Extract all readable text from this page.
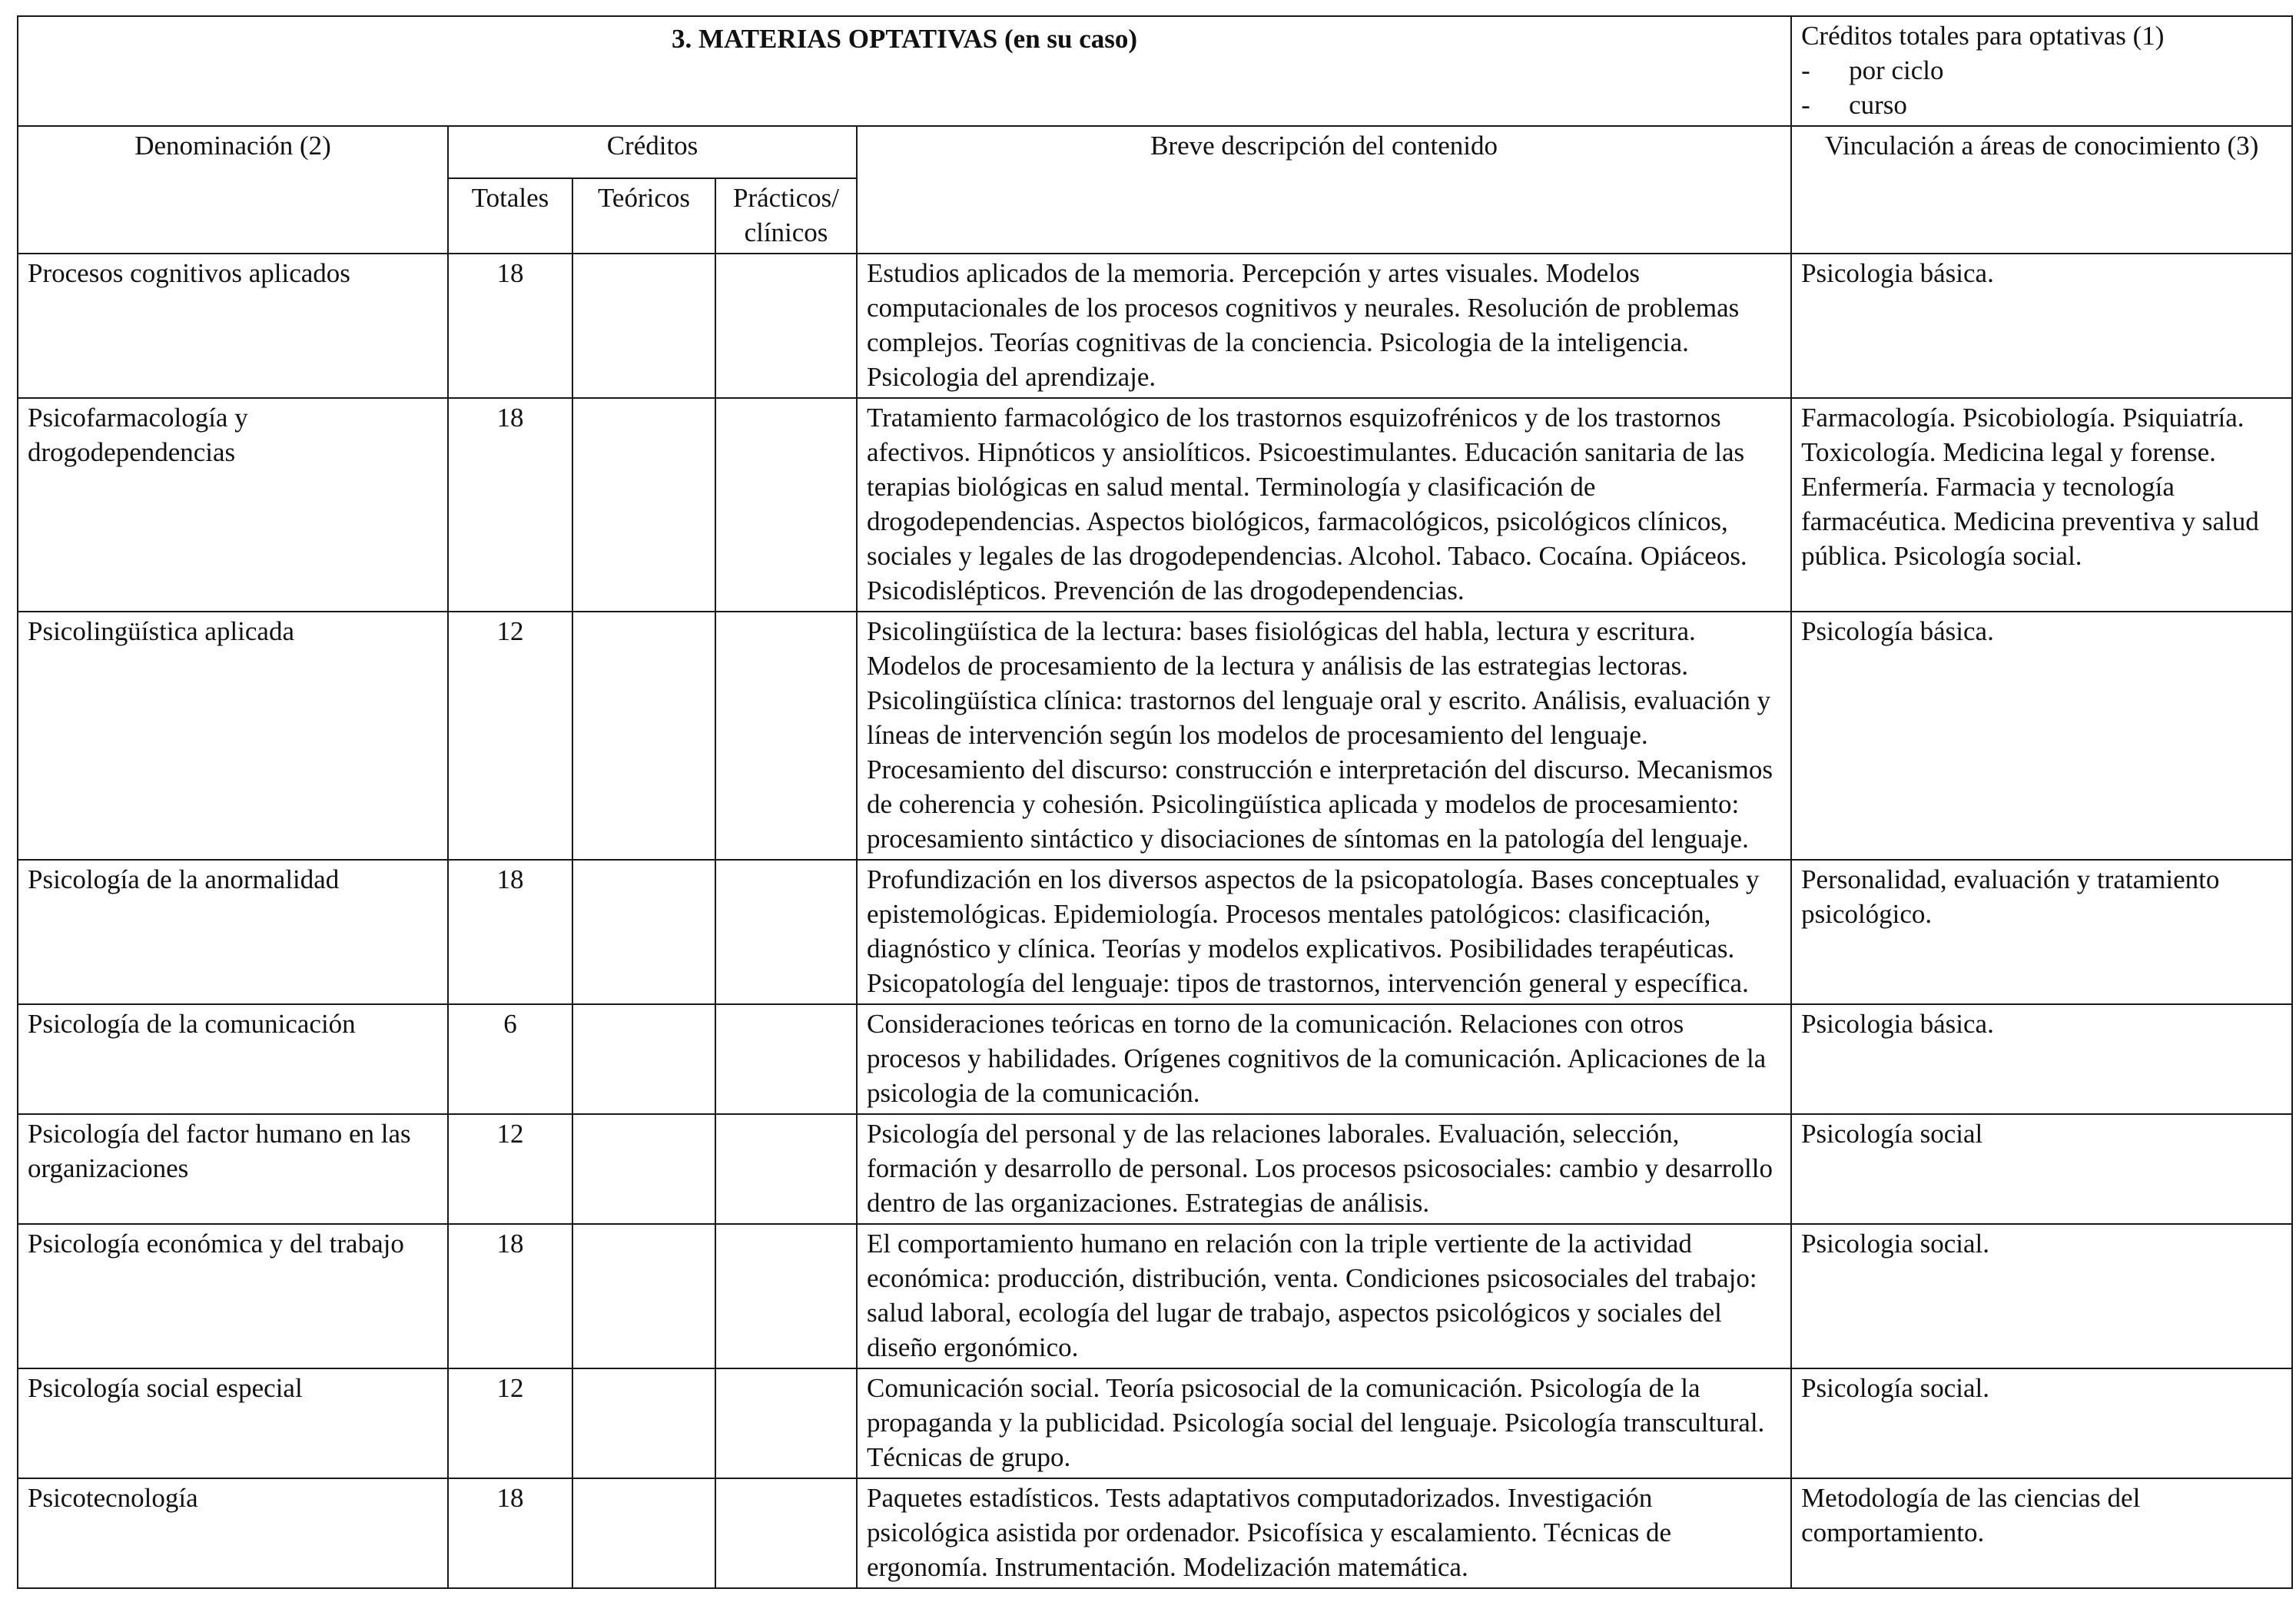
3. MATERIAS OPTATIVAS (en su caso)					Créditos totales para optativas (1)
- por ciclo
- curso

Denominación (2)	Créditos			Breve descripción del contenido	Vinculación a áreas de conocimiento (3)
	Totales	Teóricos	Prácticos/ clínicos		
Procesos cognitivos aplicados	18			Estudios aplicados de la memoria. Percepción y artes visuales. Modelos computacionales de los procesos cognitivos y neurales. Resolución de problemas complejos. Teorías cognitivas de la conciencia. Psicologia de la inteligencia. Psicologia del aprendizaje.	Psicologia básica.
Psicofarmacología y drogodependencias	18			Tratamiento farmacológico de los trastornos esquizofrénicos y de los trastornos afectivos. Hipnóticos y ansiolíticos. Psicoestimulantes. Educación sanitaria de las terapias biológicas en salud mental. Terminología y clasificación de drogodependencias. Aspectos biológicos, farmacológicos, psicológicos clínicos, sociales y legales de las drogodependencias. Alcohol. Tabaco. Cocaína. Opiáceos. Psicodislépticos. Prevención de las drogodependencias.	Farmacología. Psicobiología. Psiquiatría. Toxicología. Medicina legal y forense. Enfermería. Farmacia y tecnología farmacéutica. Medicina preventiva y salud pública. Psicología social.
Psicolingüística aplicada	12			Psicolingüística de la lectura: bases fisiológicas del habla, lectura y escritura. Modelos de procesamiento de la lectura y análisis de las estrategias lectoras. Psicolingüística clínica: trastornos del lenguaje oral y escrito. Análisis, evaluación y líneas de intervención según los modelos de procesamiento del lenguaje. Procesamiento del discurso: construcción e interpretación del discurso. Mecanismos de coherencia y cohesión. Psicolingüística aplicada y modelos de procesamiento: procesamiento sintáctico y disociaciones de síntomas en la patología del lenguaje.	Psicología básica.
Psicología de la anormalidad	18			Profundización en los diversos aspectos de la psicopatología. Bases conceptuales y epistemológicas. Epidemiología. Procesos mentales patológicos: clasificación, diagnóstico y clínica. Teorías y modelos explicativos. Posibilidades terapéuticas. Psicopatología del lenguaje: tipos de trastornos, intervención general y específica.	Personalidad, evaluación y tratamiento psicológico.
Psicología de la comunicación	6			Consideraciones teóricas en torno de la comunicación. Relaciones con otros procesos y habilidades. Orígenes cognitivos de la comunicación. Aplicaciones de la psicologia de la comunicación.	Psicologia básica.
Psicología del factor humano en las organizaciones	12			Psicología del personal y de las relaciones laborales. Evaluación, selección, formación y desarrollo de personal. Los procesos psicosociales: cambio y desarrollo dentro de las organizaciones. Estrategias de análisis.	Psicología social
Psicología económica y del trabajo	18			El comportamiento humano en relación con la triple vertiente de la actividad económica: producción, distribución, venta. Condiciones psicosociales del trabajo: salud laboral, ecología del lugar de trabajo, aspectos psicológicos y sociales del diseño ergonómico.	Psicologia social.
Psicología social especial	12			Comunicación social. Teoría psicosocial de la comunicación. Psicología de la propaganda y la publicidad. Psicología social del lenguaje. Psicología transcultural. Técnicas de grupo.	Psicología social.
Psicotecnología	18			Paquetes estadísticos. Tests adaptativos computadorizados. Investigación psicológica asistida por ordenador. Psicofísica y escalamiento. Técnicas de ergonomía. Instrumentación. Modelización matemática.	Metodología de las ciencias del comportamiento.
